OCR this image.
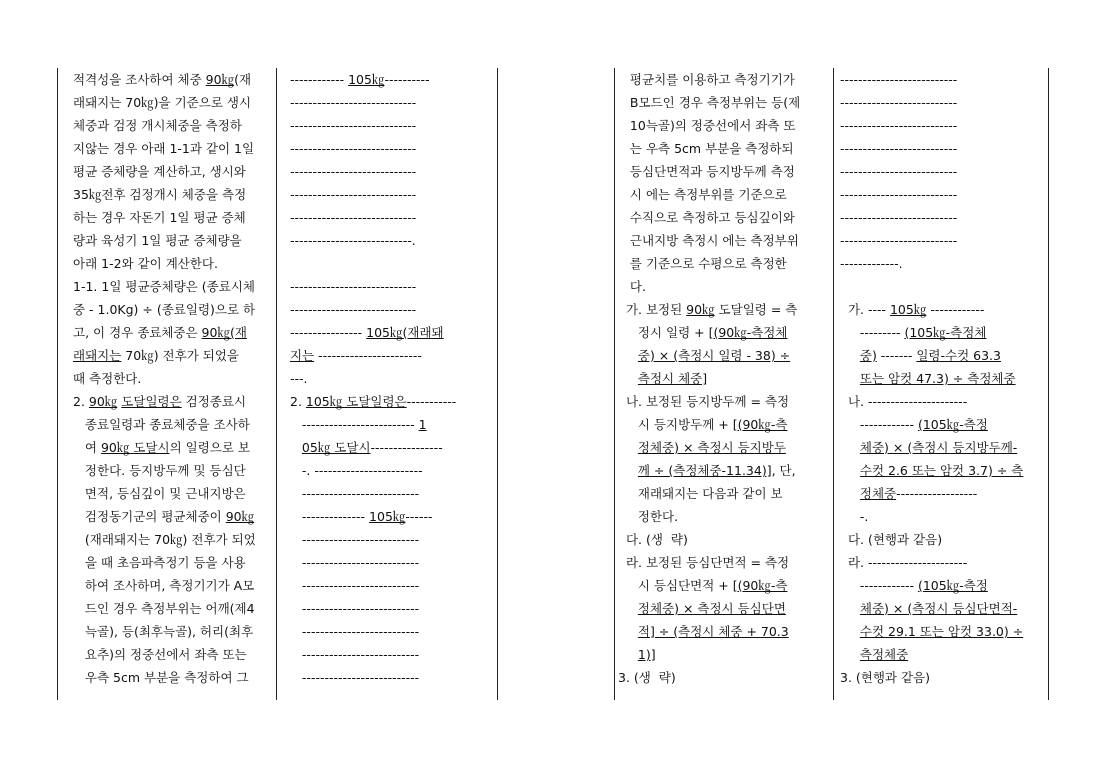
적격성을 조사하여 체중 90㎏(재
래돼지는 70㎏)을 기준으로 생시
체중과 검정 개시체중을 측정하
지않는 경우 아래 1-1과 같이 1일
평균 증체량을 계산하고, 생시와
35㎏전후 검정개시 체중을 측정
하는 경우 자돈기 1일 평균 증체
량과 육성기 1일 평균 증체량을
아래 1-2와 같이 계산한다.
1-1. 1일 평균증체량은 (종료시체
중 - 1.0Kg) ÷ (종료일령)으로 하
고, 이 경우 종료체중은 90㎏(재
래돼지는 70㎏) 전후가 되었을
때 측정한다.
2. 90㎏ 도달일령은 검정종료시
종료일령과 종료체중을 조사하
여 90㎏ 도달시의 일령으로 보
정한다. 등지방두께 및 등심단
면적, 등심깊이 및 근내지방은
검정동기군의 평균체중이 90㎏
(재래돼지는 70㎏) 전후가 되었
을 때 초음파측정기 등을 사용
하여 조사하며, 측정기기가 A모
드인 경우 측정부위는 어깨(제4
늑골), 등(최후늑골), 허리(최후
요추)의 정중선에서 좌측 또는
우측 5cm 부분을 측정하여 그
------------ 105㎏----------
----------------------------
----------------------------
----------------------------
----------------------------
----------------------------
----------------------------
---------------------------.
----------------------------
----------------------------
---------------- 105㎏(재래돼
지는 -----------------------
---.
2. 105㎏ 도달일령은-----------
------------------------- 1
05㎏ 도달시----------------
-. ------------------------
--------------------------
-------------- 105㎏------
--------------------------
--------------------------
--------------------------
--------------------------
--------------------------
--------------------------
--------------------------
평균치를 이용하고 측정기기가
B모드인 경우 측정부위는 등(제
10늑골)의 정중선에서 좌측 또
는 우측 5cm 부분을 측정하되
등심단면적과 등지방두께 측정
시 에는 측정부위를 기준으로
수직으로 측정하고 등심깊이와
근내지방 측정시 에는 측정부위
를 기준으로 수평으로 측정한
다.
가. 보정된 90㎏ 도달일령 = 측
정시 일령 + [(90㎏-측정체
중) × (측정시 일령 - 38) ÷
측정시 체중]
나. 보정된 등지방두께 = 측정
시 등지방두께 + [(90㎏-측
정체중) × 측정시 등지방두
께 ÷ (측정체중-11.34)], 단,
재래돼지는 다음과 같이 보
정한다.
다. (생  략)
라. 보정된 등심단면적 = 측정
시 등심단면적 + [(90㎏-측
정체중) × 측정시 등심단면
적] ÷ (측정시 체중 + 70.3
1)]
3. (생  략)
--------------------------
--------------------------
--------------------------
--------------------------
--------------------------
--------------------------
--------------------------
--------------------------
-------------.
가. ---- 105㎏ ------------
--------- (105㎏-측정체
중) ------- 일령-수컷 63.3
또는 암컷 47.3) ÷ 측정체중
나. ----------------------
------------ (105㎏-측정
체중) × (측정시 등지방두께-
수컷 2.6 또는 암컷 3.7) ÷ 측
정체중------------------
-.
다. (현행과 같음)
라. ----------------------
------------ (105㎏-측정
체중) × (측정시 등심단면적-
수컷 29.1 또는 암컷 33.0) ÷
측정체중
3. (현행과 같음)
